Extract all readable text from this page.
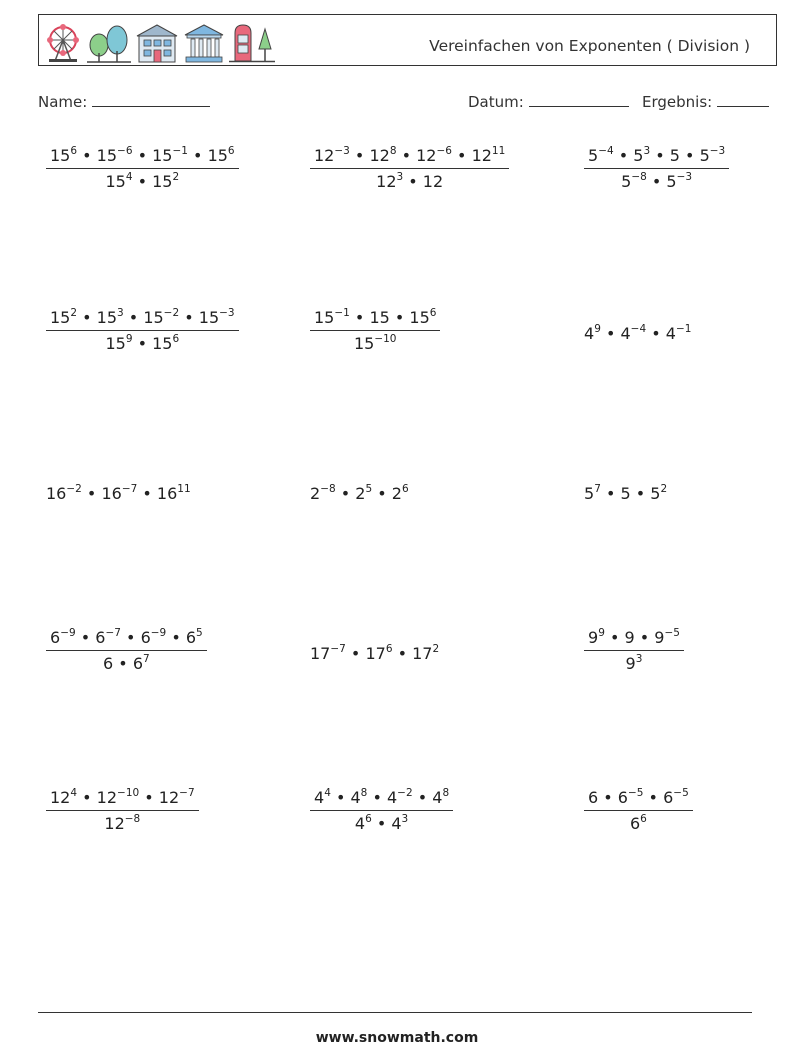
Vereinfachen von Exponenten ( Division )
Name:	Datum:	Ergebnis:
$\frac{15^6 • 15^{-6} • 15^{-1} • 15^6}{15^4 • 15^2}$	$\frac{12^{-3} • 12^8 • 12^{-6} • 12^{11}}{12^3 • 12}$	$\frac{5^{-4} • 5^3 • 5 • 5^{-3}}{5^{-8} • 5^{-3}}$
$\frac{15^2 • 15^3 • 15^{-2} • 15^{-3}}{15^9 • 15^6}$	$\frac{15^{-1} • 15 • 15^6}{15^{-10}}$	$4^9$ • $4^{-4}$ • $4^{-1}$
$16^{-2}$ • $16^{-7}$ • $16^{11}$	$2^{-8}$ • $2^5$ • $2^6$	$5^7$ • 5 • $5^2$
$\frac{6^{-9} • 6^{-7} • 6^{-9} • 6^5}{6 • 6^7}$	$17^{-7}$ • $17^6$ • $17^2$	$\frac{9^9 • 9 • 9^{-5}}{9^3}$
$\frac{12^4 • 12^{-10} • 12^{-7}}{12^{-8}}$	$\frac{4^4 • 4^8 • 4^{-2} • 4^8}{4^6 • 4^3}$	$\frac{6 • 6^{-5} • 6^{-5}}{6^6}$
www.snowmath.com
